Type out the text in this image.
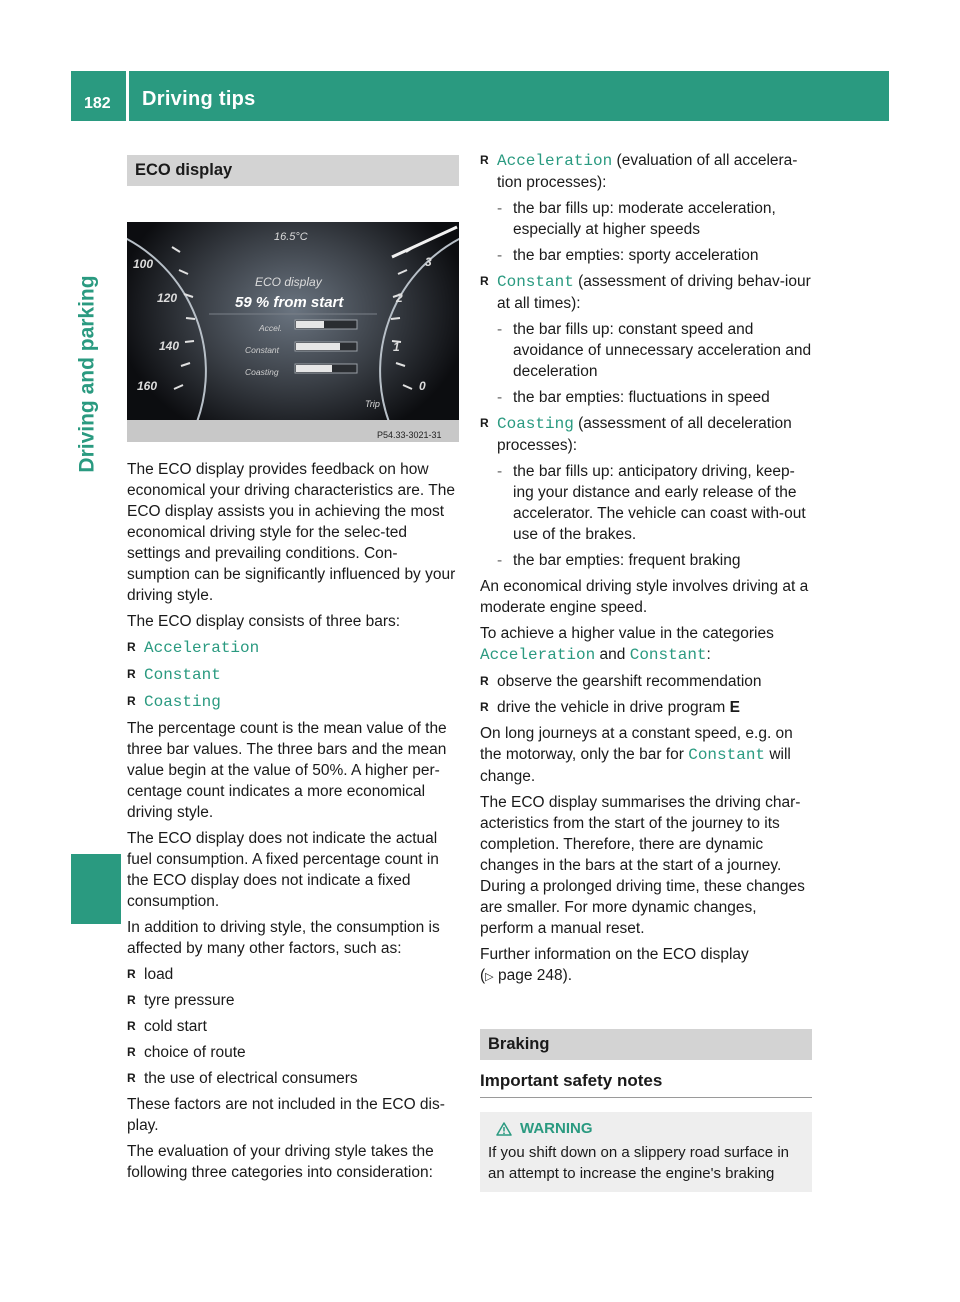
182 Driving tips
Driving and parking
ECO display
100
120
140
160
3
2
1
0
16.5°C
ECO display
59 % from start
Accel.
Constant
Coasting
Trip
P54.33-3021-31

The ECO display provides feedback on how economical your driving characteristics are. The ECO display assists you in achieving the most economical driving style for the selec-ted settings and prevailing conditions. Con-sumption can be significantly influenced by your driving style.

The ECO display consists of three bars:

R Acceleration
R Constant
R Coasting

The percentage count is the mean value of the three bar values. The three bars and the mean value begin at the value of 50%. A higher per-centage count indicates a more economical driving style.

The ECO display does not indicate the actual fuel consumption. A fixed percentage count in the ECO display does not indicate a fixed consumption.

In addition to driving style, the consumption is affected by many other factors, such as:

R load
R tyre pressure
R cold start
R choice of route
R the use of electrical consumers

These factors are not included in the ECO dis-play.

The evaluation of your driving style takes the following three categories into consideration:

R Acceleration (evaluation of all accelera-tion processes):
- the bar fills up: moderate acceleration, especially at higher speeds
- the bar empties: sporty acceleration
R Constant (assessment of driving behav-iour at all times):
- the bar fills up: constant speed and avoidance of unnecessary acceleration and deceleration
- the bar empties: fluctuations in speed
R Coasting (assessment of all deceleration processes):
- the bar fills up: anticipatory driving, keep-ing your distance and early release of the accelerator. The vehicle can coast with-out use of the brakes.
- the bar empties: frequent braking

An economical driving style involves driving at a moderate engine speed.

To achieve a higher value in the categories Acceleration and Constant:

R observe the gearshift recommendation
R drive the vehicle in drive program E

On long journeys at a constant speed, e.g. on the motorway, only the bar for Constant will change.

The ECO display summarises the driving char-acteristics from the start of the journey to its completion. Therefore, there are dynamic changes in the bars at the start of a journey. During a prolonged driving time, these changes are smaller. For more dynamic changes, perform a manual reset.

Further information on the ECO display
(▷ page 248).

Braking
Important safety notes
WARNING
If you shift down on a slippery road surface in an attempt to increase the engine's braking
